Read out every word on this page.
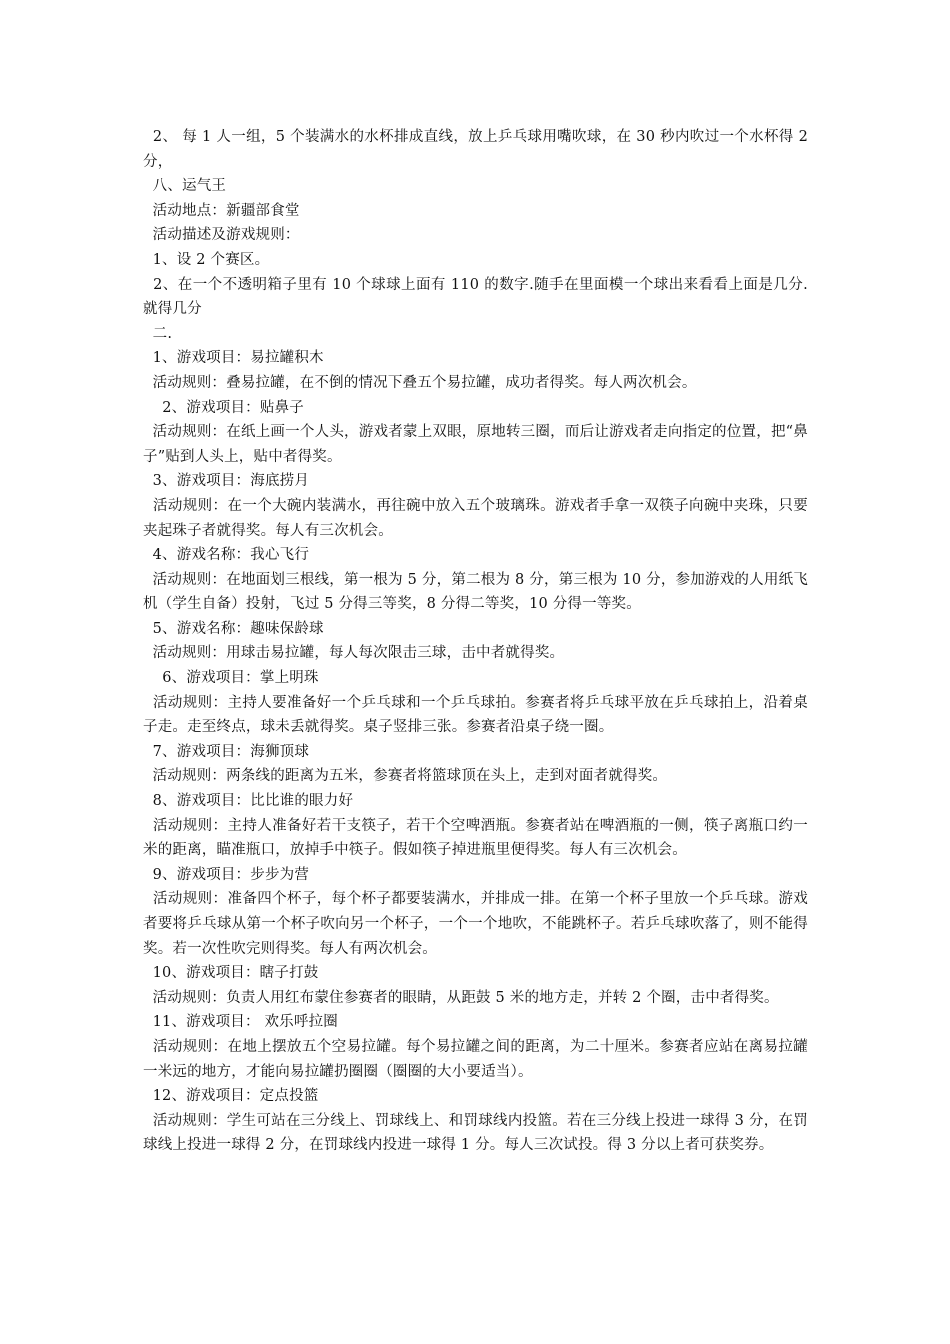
2、 每 1 人一组，5 个装满水的水杯排成直线，放上乒乓球用嘴吹球，在 30 秒内吹过一个水杯得 2 分，

八、运气王

活动地点：新疆部食堂

活动描述及游戏规则：

1、设 2 个赛区。

2、在一个不透明箱子里有 10 个球球上面有 110 的数字.随手在里面模一个球出来看看上面是几分.就得几分

二.

1、游戏项目：易拉罐积木

活动规则：叠易拉罐，在不倒的情况下叠五个易拉罐，成功者得奖。每人两次机会。

2、游戏项目：贴鼻子

活动规则：在纸上画一个人头，游戏者蒙上双眼，原地转三圈，而后让游戏者走向指定的位置，把“鼻子”贴到人头上，贴中者得奖。

3、游戏项目：海底捞月

活动规则：在一个大碗内装满水，再往碗中放入五个玻璃珠。游戏者手拿一双筷子向碗中夹珠，只要夹起珠子者就得奖。每人有三次机会。

4、游戏名称：我心飞行

活动规则：在地面划三根线，第一根为 5 分，第二根为 8 分，第三根为 10 分，参加游戏的人用纸飞机（学生自备）投射，飞过 5 分得三等奖，8 分得二等奖，10 分得一等奖。

5、游戏名称：趣味保龄球

活动规则：用球击易拉罐，每人每次限击三球，击中者就得奖。

6、游戏项目：掌上明珠

活动规则：主持人要准备好一个乒乓球和一个乒乓球拍。参赛者将乒乓球平放在乒乓球拍上，沿着桌子走。走至终点，球未丢就得奖。桌子竖排三张。参赛者沿桌子绕一圈。

7、游戏项目：海狮顶球

活动规则：两条线的距离为五米，参赛者将篮球顶在头上，走到对面者就得奖。

8、游戏项目：比比谁的眼力好

活动规则：主持人准备好若干支筷子，若干个空啤酒瓶。参赛者站在啤酒瓶的一侧，筷子离瓶口约一米的距离，瞄准瓶口，放掉手中筷子。假如筷子掉进瓶里便得奖。每人有三次机会。

9、游戏项目：步步为营

活动规则：准备四个杯子，每个杯子都要装满水，并排成一排。在第一个杯子里放一个乒乓球。游戏者要将乒乓球从第一个杯子吹向另一个杯子，一个一个地吹，不能跳杯子。若乒乓球吹落了，则不能得奖。若一次性吹完则得奖。每人有两次机会。

10、游戏项目：瞎子打鼓

活动规则：负责人用红布蒙住参赛者的眼睛，从距鼓 5 米的地方走，并转 2 个圈，击中者得奖。

11、游戏项目： 欢乐呼拉圈

活动规则：在地上摆放五个空易拉罐。每个易拉罐之间的距离，为二十厘米。参赛者应站在离易拉罐一米远的地方，才能向易拉罐扔圈圈（圈圈的大小要适当）。

12、游戏项目：定点投篮

活动规则：学生可站在三分线上、罚球线上、和罚球线内投篮。若在三分线上投进一球得 3 分，在罚球线上投进一球得 2 分，在罚球线内投进一球得 1 分。每人三次试投。得 3 分以上者可获奖券。
